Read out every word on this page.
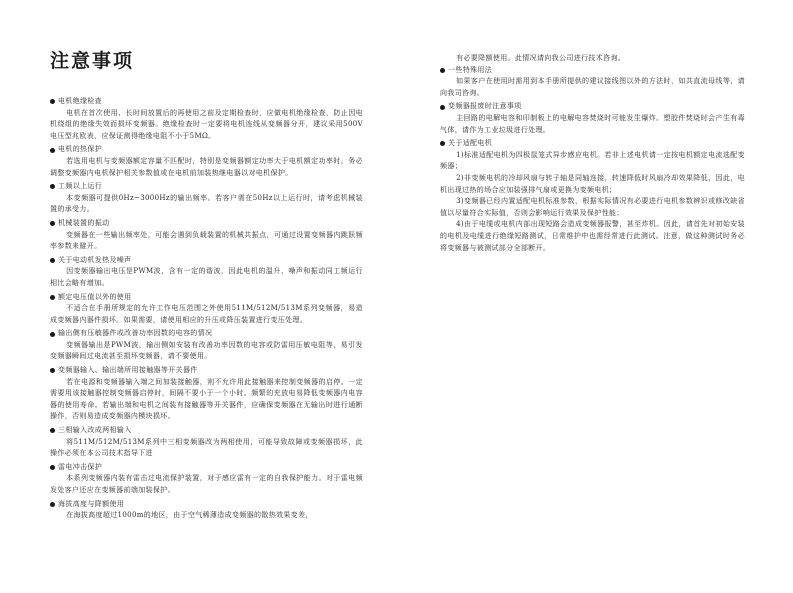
注意事项
电机绝缘检查

电机在首次使用、长时间放置后的再使用之前及定期检查时，应做电机绝缘检查，防止因电机绕组的绝缘失效而损坏变频器。绝缘检查时一定要将电机连线从变频器分开，建议采用500V电压型兆欧表，应保证测得绝缘电阻不小于5MΩ。

电机的热保护

若选用电机与变频器额定容量不匹配时，特别是变频器额定功率大于电机额定功率时，务必调整变频器内电机保护相关参数值或在电机前加装热继电器以对电机保护。

工频以上运行

本变频器可提供0Hz~3000Hz的输出频率。若客户需在50Hz以上运行时，请考虑机械装置的承受力。

机械装置的振动

变频器在一些输出频率处，可能会遇到负载装置的机械共振点，可通过设置变频器内跳跃频率参数来避开。

关于电动机发热及噪声

因变频器输出电压是PWM波，含有一定的谐波，因此电机的温升、噪声和振动同工频运行相比会略有增加。

额定电压值以外的使用

不适合在手册所规定的允许工作电压范围之外使用511M/512M/513M系列变频器，易造成变频器内器件损坏。如果需要，请使用相应的升压或降压装置进行变压处理。

输出侧有压敏器件或改善功率因数的电容的情况

变频器输出是PWM波，输出侧如安装有改善功率因数的电容或防雷用压敏电阻等，易引发变频器瞬间过电流甚至损坏变频器，请不要使用。

变频器输入、输出端所用接触器等开关器件

若在电源和变频器输入端之间加装接触器，则不允许用此接触器来控制变频器的启停。一定需要用该接触器控制变频器启停时，间隔不要小于一个小时。频繁的充放电易降低变频器内电容器的使用寿命。若输出端和电机之间装有接触器等开关器件，应确保变频器在无输出时进行通断操作，否则易造成变频器内模块损坏。

三相输入改成两相输入

将511M/512M/513M系列中三相变频器改为两相使用，可能导致故障或变频器损坏，此操作必须在本公司技术指导下进

雷电冲击保护

本系列变频器内装有雷击过电流保护装置，对于感应雷有一定的自我保护能力。对于雷电频发处客户还应在变频器前端加装保护。

海拔高度与降额使用

在海拔高度超过1000m的地区，由于空气稀薄造成变频器的散热效果变差，

有必要降额使用。此情况请向我公司进行技术咨询。

一些特殊用法

如果客户在使用时需用到本手册所提供的建议接线图以外的方法时，如共直流母线等，请向我司咨询。

变频器报废时注意事项

主回路的电解电容和印制板上的电解电容焚烧时可能发生爆炸。塑胶件焚烧时会产生有毒气体，请作为工业垃圾进行处理。

关于适配电机

1)标准适配电机为四极鼠笼式异步感应电机。若非上述电机请一定按电机额定电流选配变频器；

2)非变频电机的冷却风扇与转子轴是同轴连接，转速降低时风扇冷却效果降低，因此，电机出现过热的场合应加装强排气扇或更换为变频电机；

3)变频器已经内置适配电机标准参数，根据实际情况有必要进行电机参数辨识或修改缺省值以尽量符合实际值，否则会影响运行效果及保护性能；

4)由于电缆或电机内部出现短路会造成变频器报警，甚至炸机。因此，请首先对初始安装的电机及电缆进行绝缘短路测试，日常维护中也需经常进行此测试。注意，做这种测试时务必将变频器与被测试部分全部断开。
